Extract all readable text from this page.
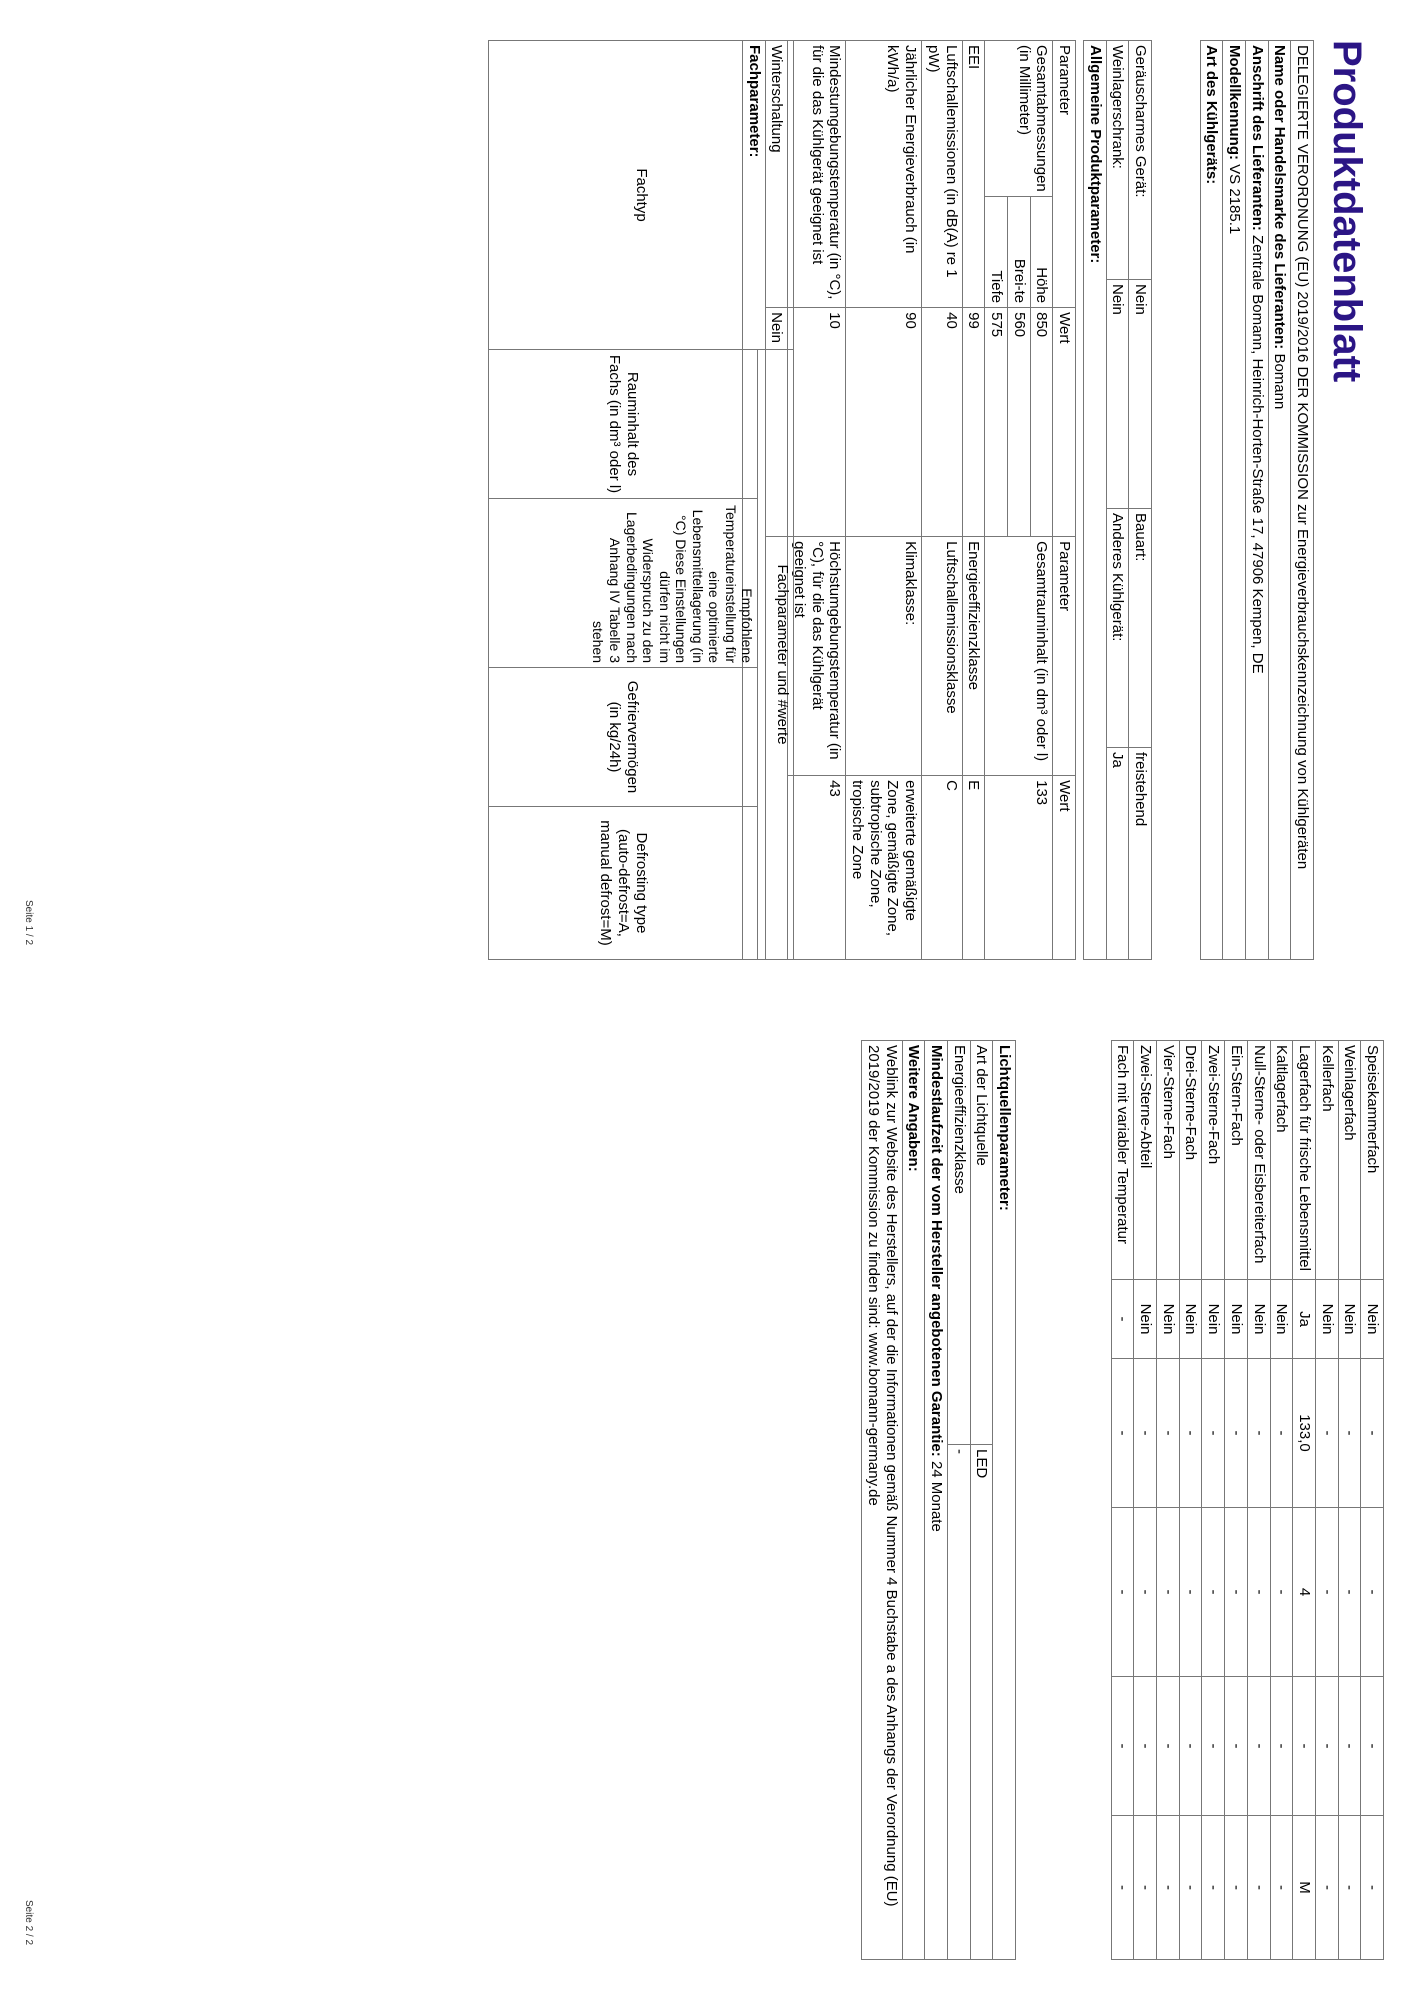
Produktdatenblatt
DELEGIERTE VERORDNUNG (EU) 2019/2016 DER KOMMISSION zur Energieverbrauchskennzeichnung von Kühlgeräten
Name oder Handelsmarke des Lieferanten: Bomann
Anschrift des Lieferanten: Zentrale Bomann, Heinrich-Horten-Straße 17, 47906 Kempen, DE
Modellkennung: VS 2185.1
Art des Kühlgeräts:
Geräuscharmes Gerät:	Nein	Bauart:	freistehend
Weinlagerschrank:	Nein	Anderes Kühlgerät:	Ja
Allgemeine Produktparameter:			
Parameter		Wert	Parameter	Wert
Gesamtabmessungen (in Millimeter)	Höhe	850	Gesamtrauminhalt (in dm³ oder l)	133
	Brei-te	560		
	Tiefe	575		
EEI		99	Energieeffizienzklasse	E
Luftschallemissionen (in dB(A) re 1 pW)		40	Luftschallemissionsklasse	C
Jährlicher Energieverbrauch (in kWh/a)		90	Klimaklasse:	erweiterte gemäßigte Zone, gemäßigte Zone, subtropische Zone, tropische Zone
Mindestumgebungstemperatur (in °C), für die das Kühlgerät geeignet ist		10	Höchstumgebungstemperatur (in °C), für die das Kühlgerät geeignet ist	43
Winterschaltung		Nein		
Fachparameter:				
Fachtyp	Fachparameter und #werte			
	Rauminhalt des Fachs (in dm³ oder l)	Empfohlene Temperatureinstellung für eine optimierte Lebensmittellagerung (in °C) Diese Einstellungen dürfen nicht im Widerspruch zu den Lagerbedingungen nach Anhang IV Tabelle 3 stehen	Gefriervermögen (in kg/24h)	Defrosting type (auto-defrost=A, manual defrost=M)
Seite 1 / 2
Speisekammerfach	Nein	-	-	-	-
Weinlagerfach	Nein	-	-	-	-
Kellerfach	Nein	-	-	-	-
Lagerfach für frische Lebensmittel	Ja	133,0	4	-	M
Kaltlagerfach	Nein	-	-	-	-
Null-Sterne- oder Eisbereiterfach	Nein	-	-	-	-
Ein-Stern-Fach	Nein	-	-	-	-
Zwei-Sterne-Fach	Nein	-	-	-	-
Drei-Sterne-Fach	Nein	-	-	-	-
Vier-Sterne-Fach	Nein	-	-	-	-
Zwei-Sterne-Abteil	Nein	-	-	-	-
Fach mit variabler Temperatur	-	-	-	-	-
Lichtquellenparameter:	
Art der Lichtquelle	LED
Energieeffizienzklasse	-
Mindestlaufzeit der vom Hersteller angebotenen Garantie: 24 Monate	
Weitere Angaben:	
Weblink zur Website des Herstellers, auf der die Informationen gemäß Nummer 4 Buchstabe a des Anhangs der Verordnung (EU) 2019/2019 der Kommission zu finden sind: www.bomann-germany.de	
Seite 2 / 2
